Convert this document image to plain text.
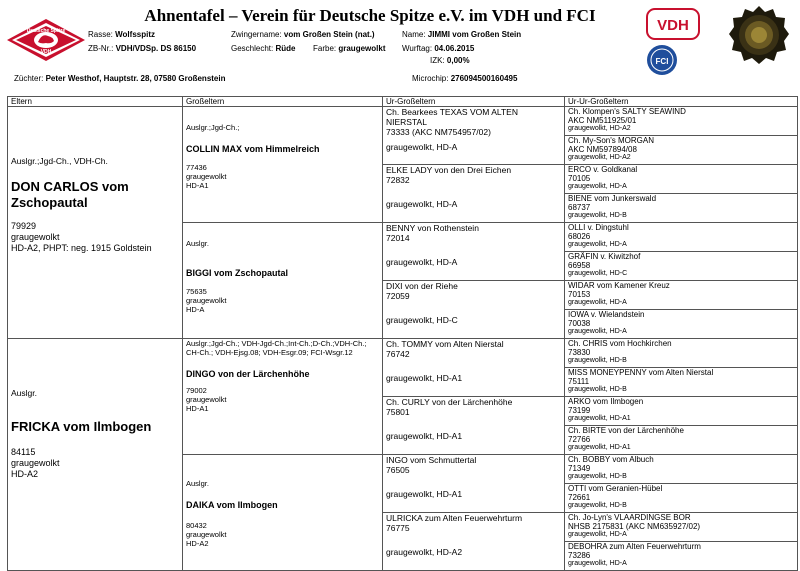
Ahnentafel – Verein für Deutsche Spitze e.V. im VDH und FCI
Deutsche Spitze
VDH
VDH
FCI
Rasse: Wolfsspitz
ZB-Nr.: VDH/VDSp. DS 86150
Zwingername: vom Großen Stein (nat.)
Geschlecht: Rüde Farbe: graugewolkt
Name: JIMMI vom Großen Stein
Wurftag: 04.06.2015
IZK: 0,00%
Züchter: Peter Westhof, Hauptstr. 28, 07580 Großenstein	Microchip: 276094500160495
Eltern	Großeltern	Ur-Großeltern	Ur-Ur-Großeltern

Auslgr.;Jgd-Ch., VDH-Ch.
DON CARLOS vom Zschopautal
79929
graugewolkt
HD-A2, PHPT: neg. 1915 Goldstein	Auslgr.;Jgd-Ch.;
COLLIN MAX vom Himmelreich
77436
graugewolkt
HD-A1	Ch. Bearkees TEXAS VOM ALTEN NIERSTAL
73333 (AKC NM754957/02)
graugewolkt, HD-A	Ch. Klompen's SALTY SEAWIND
AKC NM511925/01
graugewolkt, HD-A2

			Ch. My-Son's MORGAN
AKC NM597894/08
graugewolkt, HD-A2

		ELKE LADY von den Drei Eichen
72832
graugewolkt, HD-A	ERCO v. Goldkanal
70105
graugewolkt, HD-A

			BIENE vom Junkerswald
68737
graugewolkt, HD-B

	Auslgr.
BIGGI vom Zschopautal
75635
graugewolkt
HD-A	BENNY von Rothenstein
72014
graugewolkt, HD-A	OLLI v. Dingstuhl
68026
graugewolkt, HD-A

			GRÄFIN v. Kiwitzhof
66958
graugewolkt, HD-C

		DIXI von der Riehe
72059
graugewolkt, HD-C	WIDAR vom Kamener Kreuz
70153
graugewolkt, HD-A

			IOWA v. Wielandstein
70038
graugewolkt, HD-A

Auslgr.
FRICKA vom Ilmbogen
84115
graugewolkt
HD-A2	Auslgr.;Jgd-Ch.; VDH-Jgd-Ch.;Int-Ch.;D-Ch.;VDH-Ch.; CH-Ch.; VDH-Ejsg.08; VDH-Esgr.09; FCI-Wsgr.12
DINGO von der Lärchenhöhe
79002
graugewolkt
HD-A1	Ch. TOMMY vom Alten Nierstal
76742
graugewolkt, HD-A1	Ch. CHRIS vom Hochkirchen
73830
graugewolkt, HD-B

			MISS MONEYPENNY vom Alten Nierstal
75111
graugewolkt, HD-B

		Ch. CURLY von der Lärchenhöhe
75801
graugewolkt, HD-A1	ARKO vom Ilmbogen
73199
graugewolkt, HD-A1

			Ch. BIRTE von der Lärchenhöhe
72766
graugewolkt, HD-A1

	Auslgr.
DAIKA vom Ilmbogen
80432
graugewolkt
HD-A2	INGO vom Schmuttertal
76505
graugewolkt, HD-A1	Ch. BOBBY vom Albuch
71349
graugewolkt, HD-B

			OTTI vom Geranien-Hübel
72661
graugewolkt, HD-B

		ULRICKA zum Alten Feuerwehrturm
76775
graugewolkt, HD-A2	Ch. Jo-Lyn's VLAARDINGSE BOR
NHSB 2175831 (AKC NM635927/02)
graugewolkt, HD-A

			DEBOHRA zum Alten Feuerwehrturm
73286
graugewolkt, HD-A
